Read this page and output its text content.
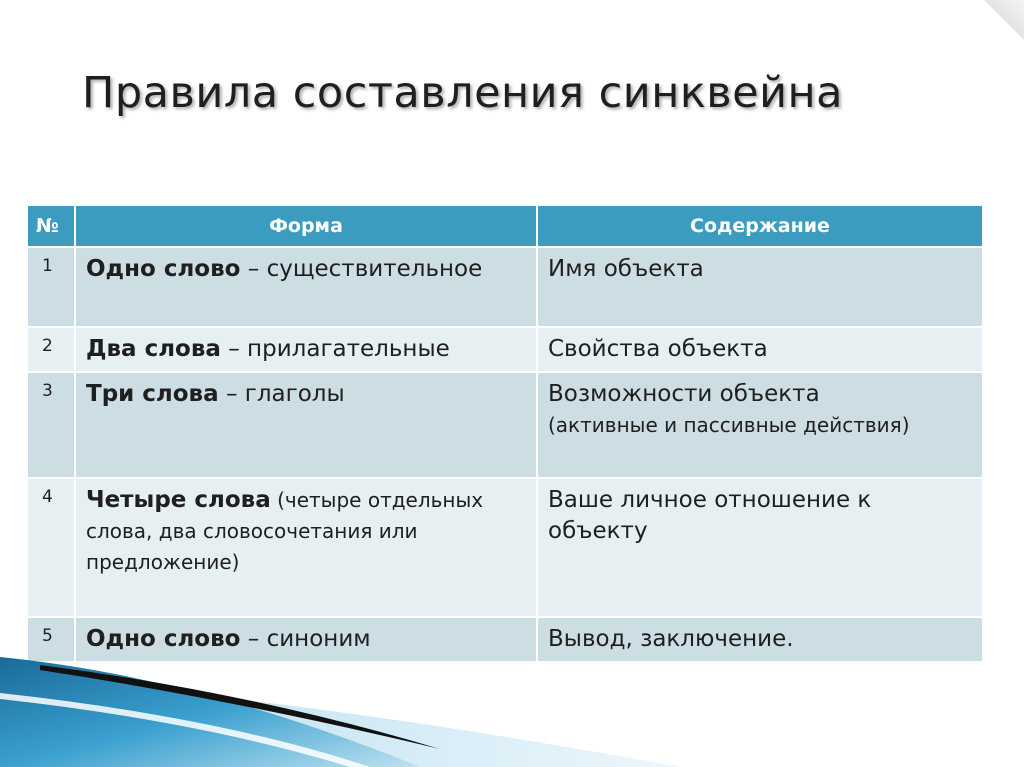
Правила составления синквейна
№	Форма	Содержание
1	Одно слово – существительное	Имя объекта
2	Два слова – прилагательные	Свойства объекта
3	Три слова – глаголы	Возможности объекта
(активные и пассивные действия)

4	Четыре слова (четыре отдельных слова, два словосочетания или предложение)	Ваше личное отношение к объекту
5	Одно слово – синоним	Вывод, заключение.
